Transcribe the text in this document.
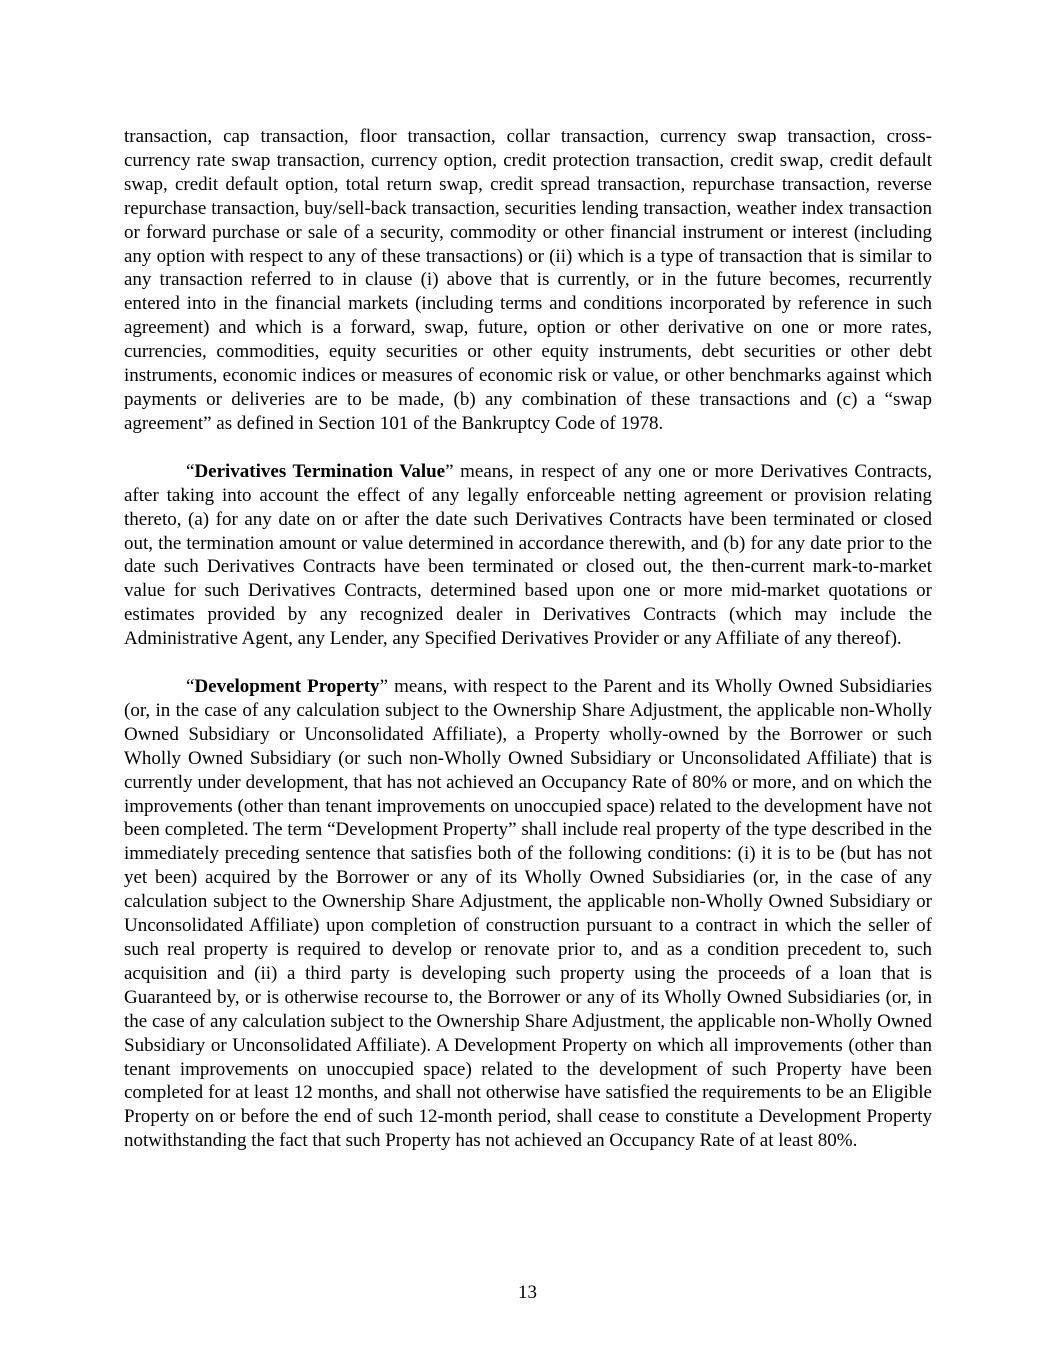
transaction, cap transaction, floor transaction, collar transaction, currency swap transaction, cross-currency rate swap transaction, currency option, credit protection transaction, credit swap, credit default swap, credit default option, total return swap, credit spread transaction, repurchase transaction, reverse repurchase transaction, buy/sell-back transaction, securities lending transaction, weather index transaction or forward purchase or sale of a security, commodity or other financial instrument or interest (including any option with respect to any of these transactions) or (ii) which is a type of transaction that is similar to any transaction referred to in clause (i) above that is currently, or in the future becomes, recurrently entered into in the financial markets (including terms and conditions incorporated by reference in such agreement) and which is a forward, swap, future, option or other derivative on one or more rates, currencies, commodities, equity securities or other equity instruments, debt securities or other debt instruments, economic indices or measures of economic risk or value, or other benchmarks against which payments or deliveries are to be made, (b) any combination of these transactions and (c) a “swap agreement” as defined in Section 101 of the Bankruptcy Code of 1978.

“Derivatives Termination Value” means, in respect of any one or more Derivatives Contracts, after taking into account the effect of any legally enforceable netting agreement or provision relating thereto, (a) for any date on or after the date such Derivatives Contracts have been terminated or closed out, the termination amount or value determined in accordance therewith, and (b) for any date prior to the date such Derivatives Contracts have been terminated or closed out, the then-current mark-to-market value for such Derivatives Contracts, determined based upon one or more mid-market quotations or estimates provided by any recognized dealer in Derivatives Contracts (which may include the Administrative Agent, any Lender, any Specified Derivatives Provider or any Affiliate of any thereof).

“Development Property” means, with respect to the Parent and its Wholly Owned Subsidiaries (or, in the case of any calculation subject to the Ownership Share Adjustment, the applicable non-Wholly Owned Subsidiary or Unconsolidated Affiliate), a Property wholly-owned by the Borrower or such Wholly Owned Subsidiary (or such non-Wholly Owned Subsidiary or Unconsolidated Affiliate) that is currently under development, that has not achieved an Occupancy Rate of 80% or more, and on which the improvements (other than tenant improvements on unoccupied space) related to the development have not been completed. The term “Development Property” shall include real property of the type described in the immediately preceding sentence that satisfies both of the following conditions: (i) it is to be (but has not yet been) acquired by the Borrower or any of its Wholly Owned Subsidiaries (or, in the case of any calculation subject to the Ownership Share Adjustment, the applicable non-Wholly Owned Subsidiary or Unconsolidated Affiliate) upon completion of construction pursuant to a contract in which the seller of such real property is required to develop or renovate prior to, and as a condition precedent to, such acquisition and (ii) a third party is developing such property using the proceeds of a loan that is Guaranteed by, or is otherwise recourse to, the Borrower or any of its Wholly Owned Subsidiaries (or, in the case of any calculation subject to the Ownership Share Adjustment, the applicable non-Wholly Owned Subsidiary or Unconsolidated Affiliate). A Development Property on which all improvements (other than tenant improvements on unoccupied space) related to the development of such Property have been completed for at least 12 months, and shall not otherwise have satisfied the requirements to be an Eligible Property on or before the end of such 12-month period, shall cease to constitute a Development Property notwithstanding the fact that such Property has not achieved an Occupancy Rate of at least 80%.

13
